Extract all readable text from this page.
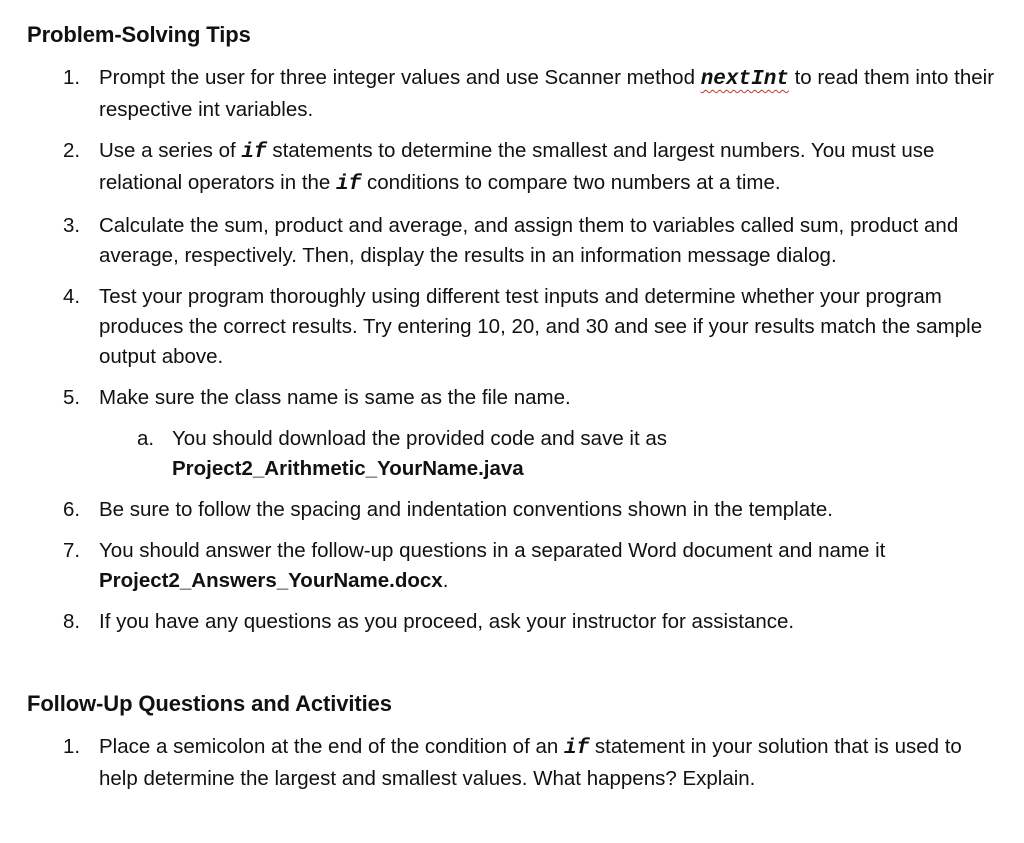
Problem-Solving Tips
1. Prompt the user for three integer values and use Scanner method nextInt to read them into their respective int variables.
2. Use a series of if statements to determine the smallest and largest numbers. You must use relational operators in the if conditions to compare two numbers at a time.
3. Calculate the sum, product and average, and assign them to variables called sum, product and average, respectively. Then, display the results in an information message dialog.
4. Test your program thoroughly using different test inputs and determine whether your program produces the correct results. Try entering 10, 20, and 30 and see if your results match the sample output above.
5. Make sure the class name is same as the file name.
a. You should download the provided code and save it as
Project2_Arithmetic_YourName.java
6. Be sure to follow the spacing and indentation conventions shown in the template.
7. You should answer the follow-up questions in a separated Word document and name it
Project2_Answers_YourName.docx.
8. If you have any questions as you proceed, ask your instructor for assistance.
Follow-Up Questions and Activities
1. Place a semicolon at the end of the condition of an if statement in your solution that is used to help determine the largest and smallest values. What happens? Explain.
